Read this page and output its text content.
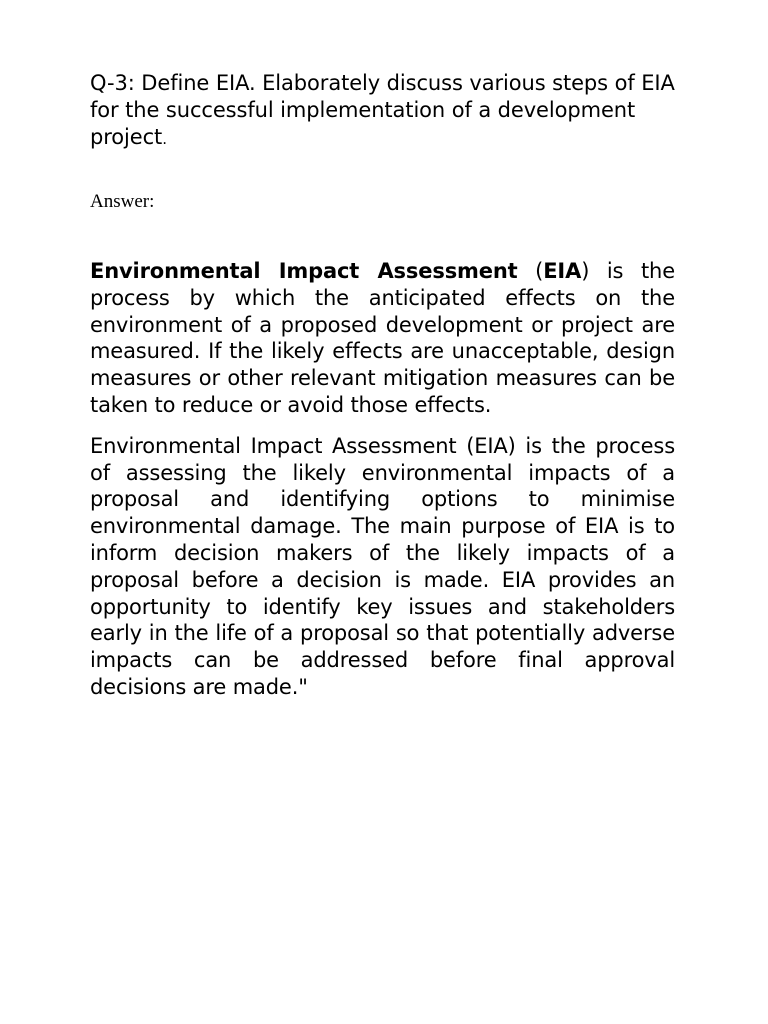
Q-3: Define EIA. Elaborately discuss various steps of EIA for the successful implementation of a development project.

Answer:

Environmental Impact Assessment (EIA) is the process by which the anticipated effects on the environment of a proposed development or project are measured. If the likely effects are unacceptable, design measures or other relevant mitigation measures can be taken to reduce or avoid those effects.

Environmental Impact Assessment (EIA) is the process of assessing the likely environmental impacts of a proposal and identifying options to minimise environmental damage. The main purpose of EIA is to inform decision makers of the likely impacts of a proposal before a decision is made. EIA provides an opportunity to identify key issues and stakeholders early in the life of a proposal so that potentially adverse impacts can be addressed before final approval decisions are made."
